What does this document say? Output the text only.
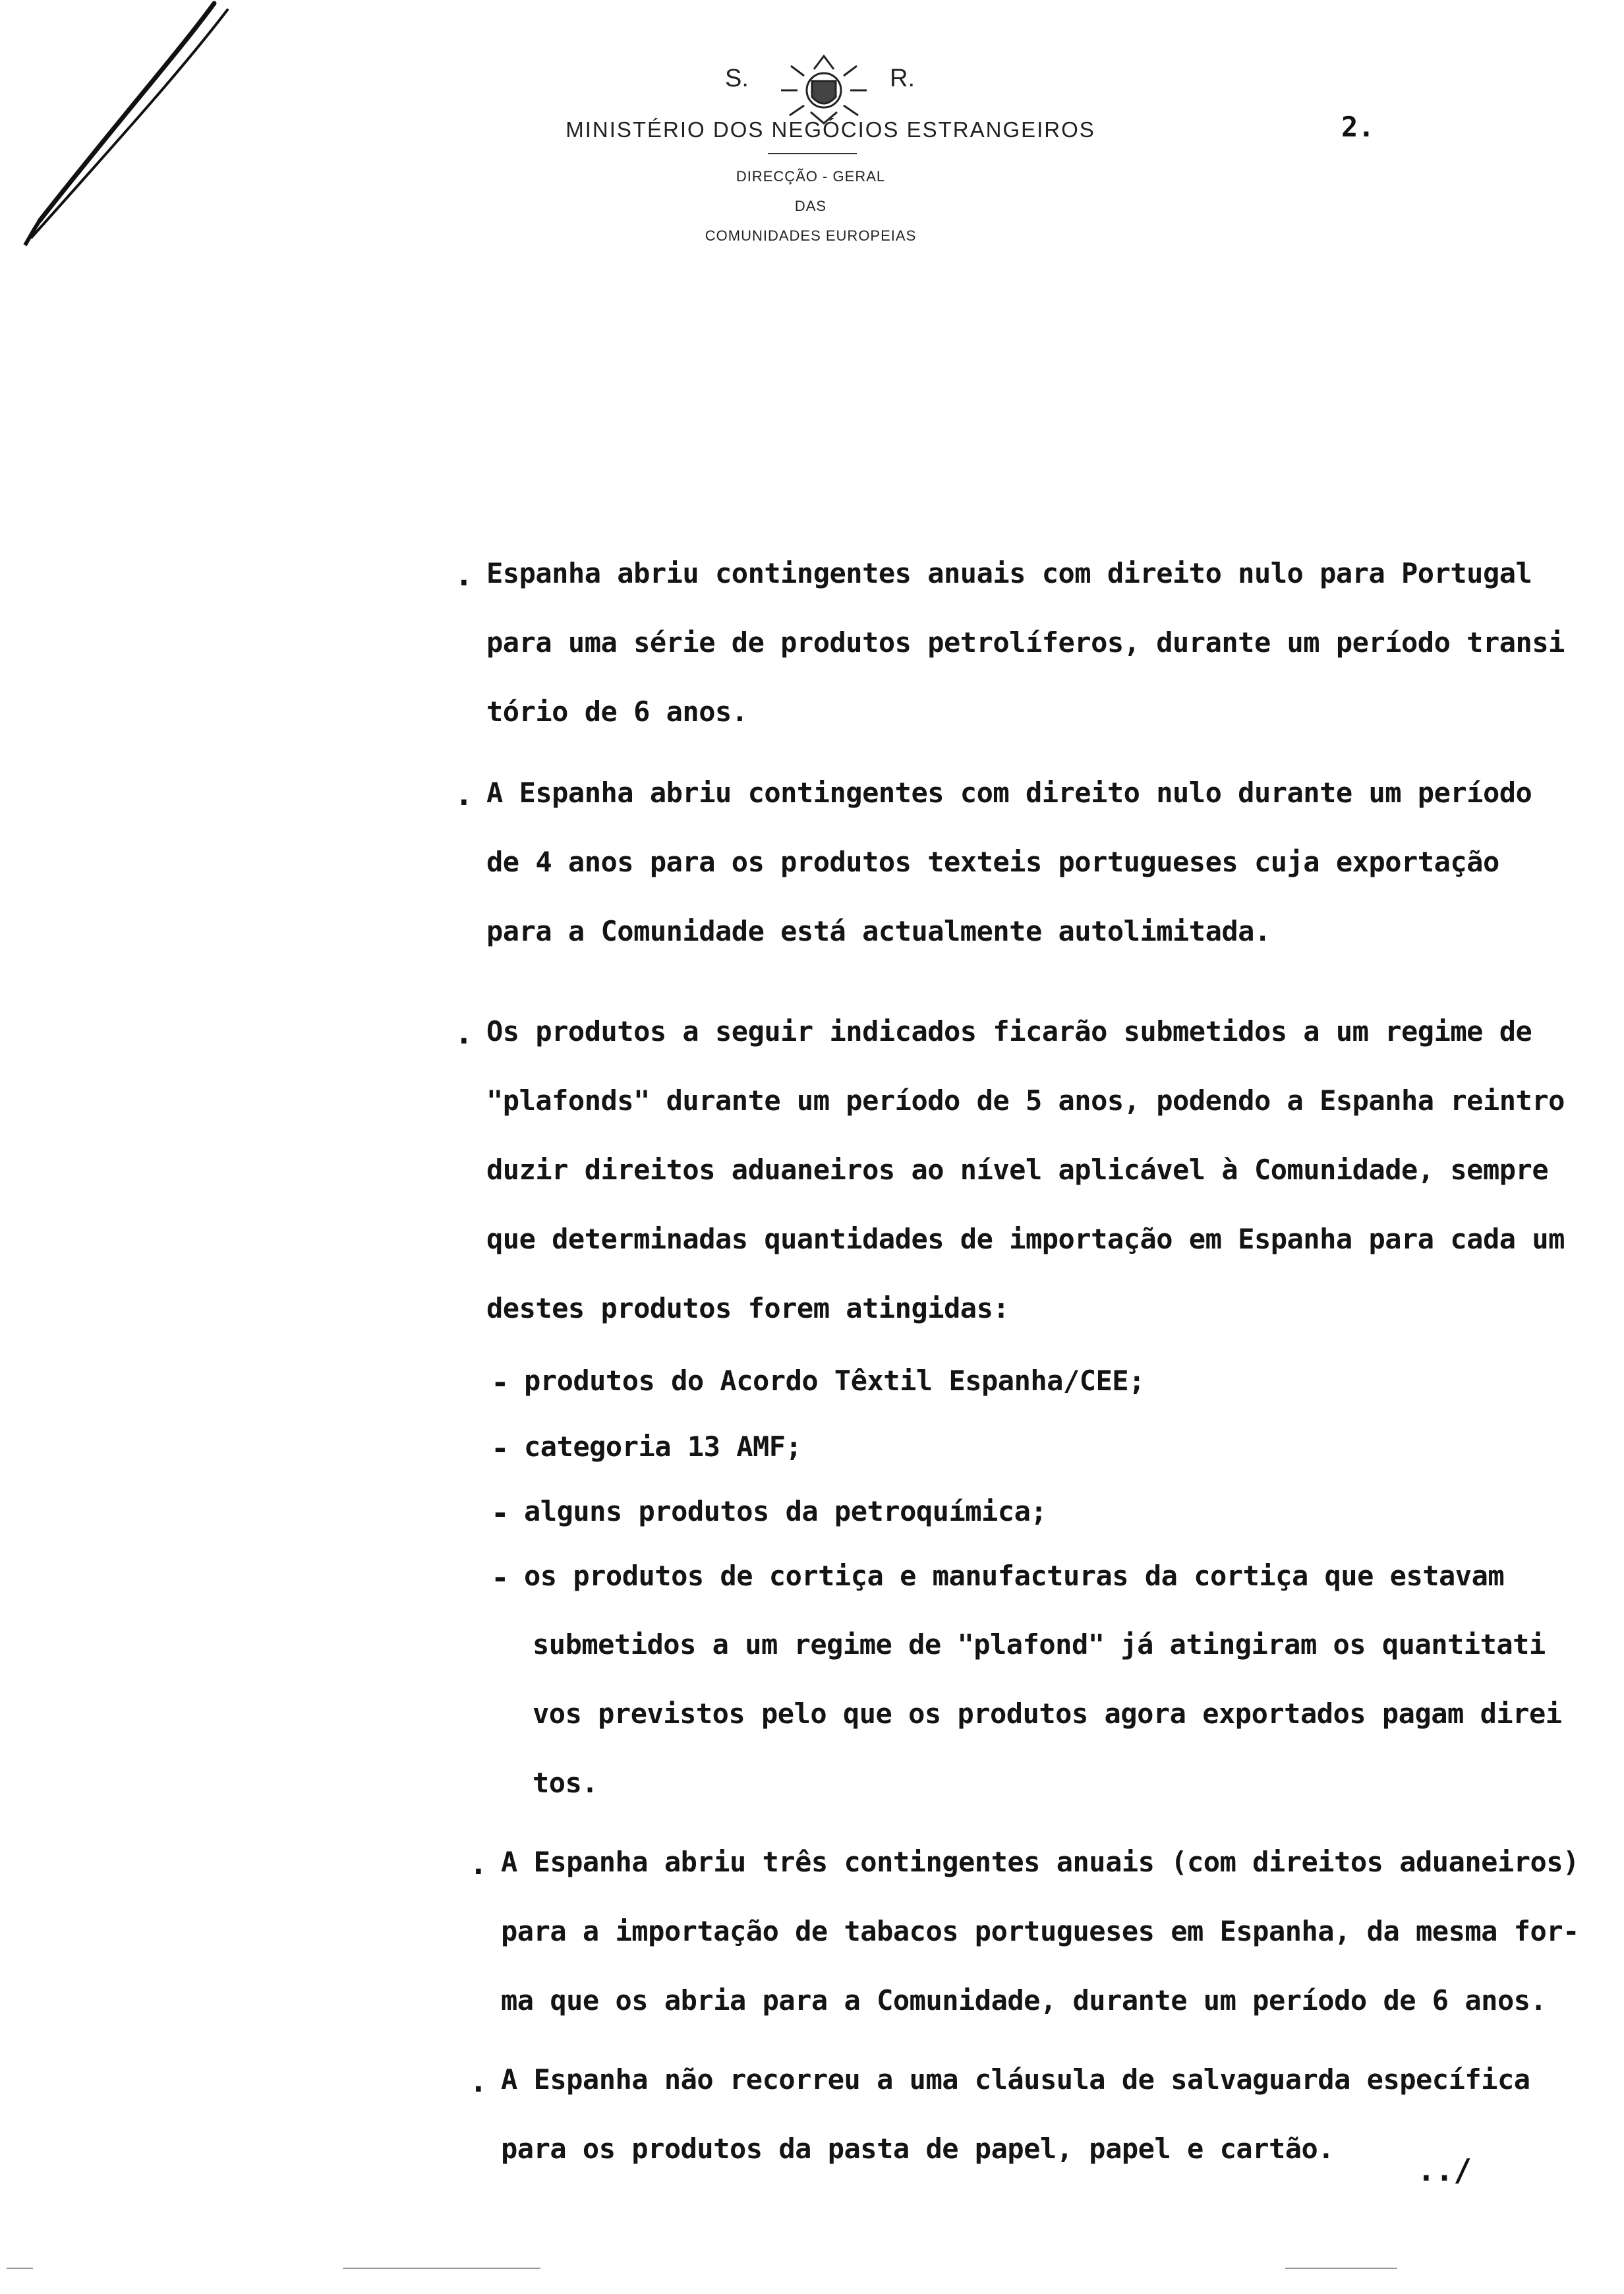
S.	R.
MINISTÉRIO DOS NEGÓCIOS ESTRANGEIROS	2.
DIRECÇÃO - GERAL
DAS
COMUNIDADES EUROPEIAS
. Espanha abriu contingentes anuais com direito nulo para Portugal
para uma série de produtos petrolíferos, durante um período transi
tório de 6 anos.
. A Espanha abriu contingentes com direito nulo durante um período
de 4 anos para os produtos texteis portugueses cuja exportação
para a Comunidade está actualmente autolimitada.
. Os produtos a seguir indicados ficarão submetidos a um regime de
"plafonds" durante um período de 5 anos, podendo a Espanha reintro
duzir direitos aduaneiros ao nível aplicável à Comunidade, sempre
que determinadas quantidades de importação em Espanha para cada um
destes produtos forem atingidas:
- produtos do Acordo Têxtil Espanha/CEE;
- categoria 13 AMF;
- alguns produtos da petroquímica;
- os produtos de cortiça e manufacturas da cortiça que estavam
submetidos a um regime de "plafond" já atingiram os quantitati
vos previstos pelo que os produtos agora exportados pagam direi
tos.
. A Espanha abriu três contingentes anuais (com direitos aduaneiros)
para a importação de tabacos portugueses em Espanha, da mesma for-
ma que os abria para a Comunidade, durante um período de 6 anos.
. A Espanha não recorreu a uma cláusula de salvaguarda específica
para os produtos da pasta de papel, papel e cartão.
../
